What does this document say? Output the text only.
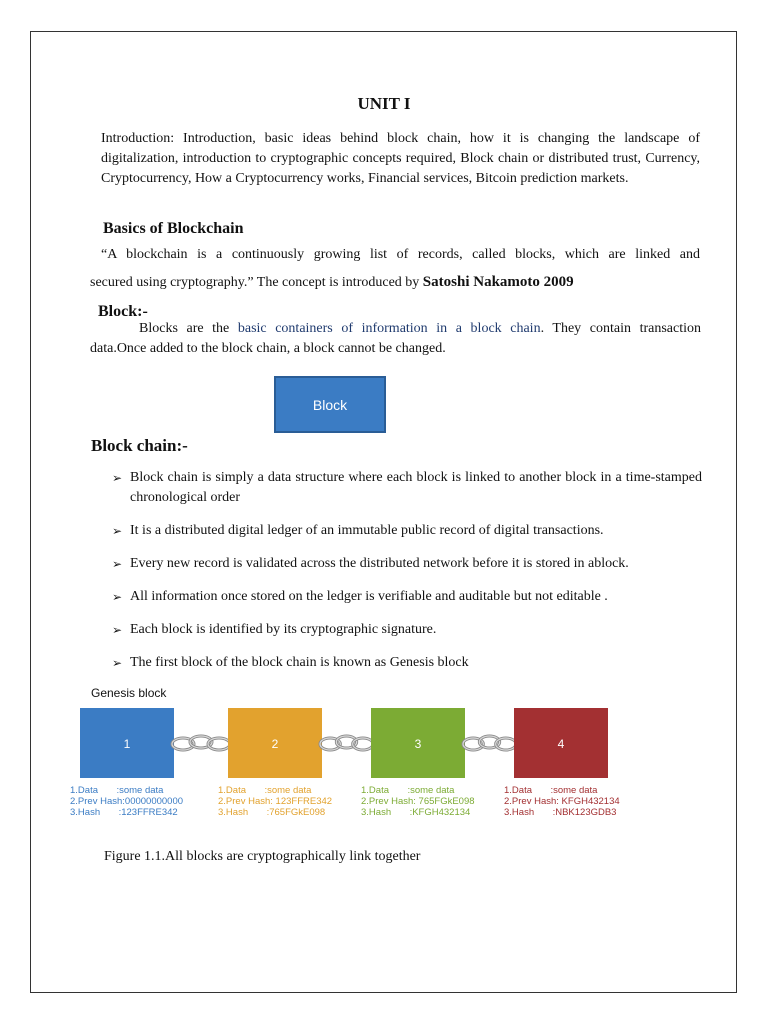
UNIT I
Introduction: Introduction, basic ideas behind block chain, how it is changing the landscape of digitalization, introduction to cryptographic concepts required, Block chain or distributed trust, Currency, Cryptocurrency, How a Cryptocurrency works, Financial services, Bitcoin prediction markets.
Basics of Blockchain
“A blockchain is a continuously growing list of records, called blocks, which are linked and
secured using cryptography.” The concept is introduced by Satoshi Nakamoto 2009
Block:-
Blocks are the basic containers of information in a block chain. They contain transaction
data.Once added to the block chain, a block cannot be changed.
Block
Block chain:-
➢ Block chain is simply a data structure where each block is linked to another block in a time-stamped chronological order
➢ It is a distributed digital ledger of an immutable public record of digital transactions.
➢ Every new record is validated across the distributed network before it is stored in ablock.
➢ All information once stored on the ledger is verifiable and auditable but not editable .
➢ Each block is identified by its cryptographic signature.
➢ The first block of the block chain is known as Genesis block
Genesis block
1
1.Data       :some data
2.Prev Hash:00000000000
3.Hash       :123FFRE342
2
1.Data       :some data
2.Prev Hash: 123FFRE342
3.Hash       :765FGkE098
3
1.Data       :some data
2.Prev Hash: 765FGkE098
3.Hash       :KFGH432134
4
1.Data       :some data
2.Prev Hash: KFGH432134
3.Hash       :NBK123GDB3
Figure 1.1.All blocks are cryptographically link together
